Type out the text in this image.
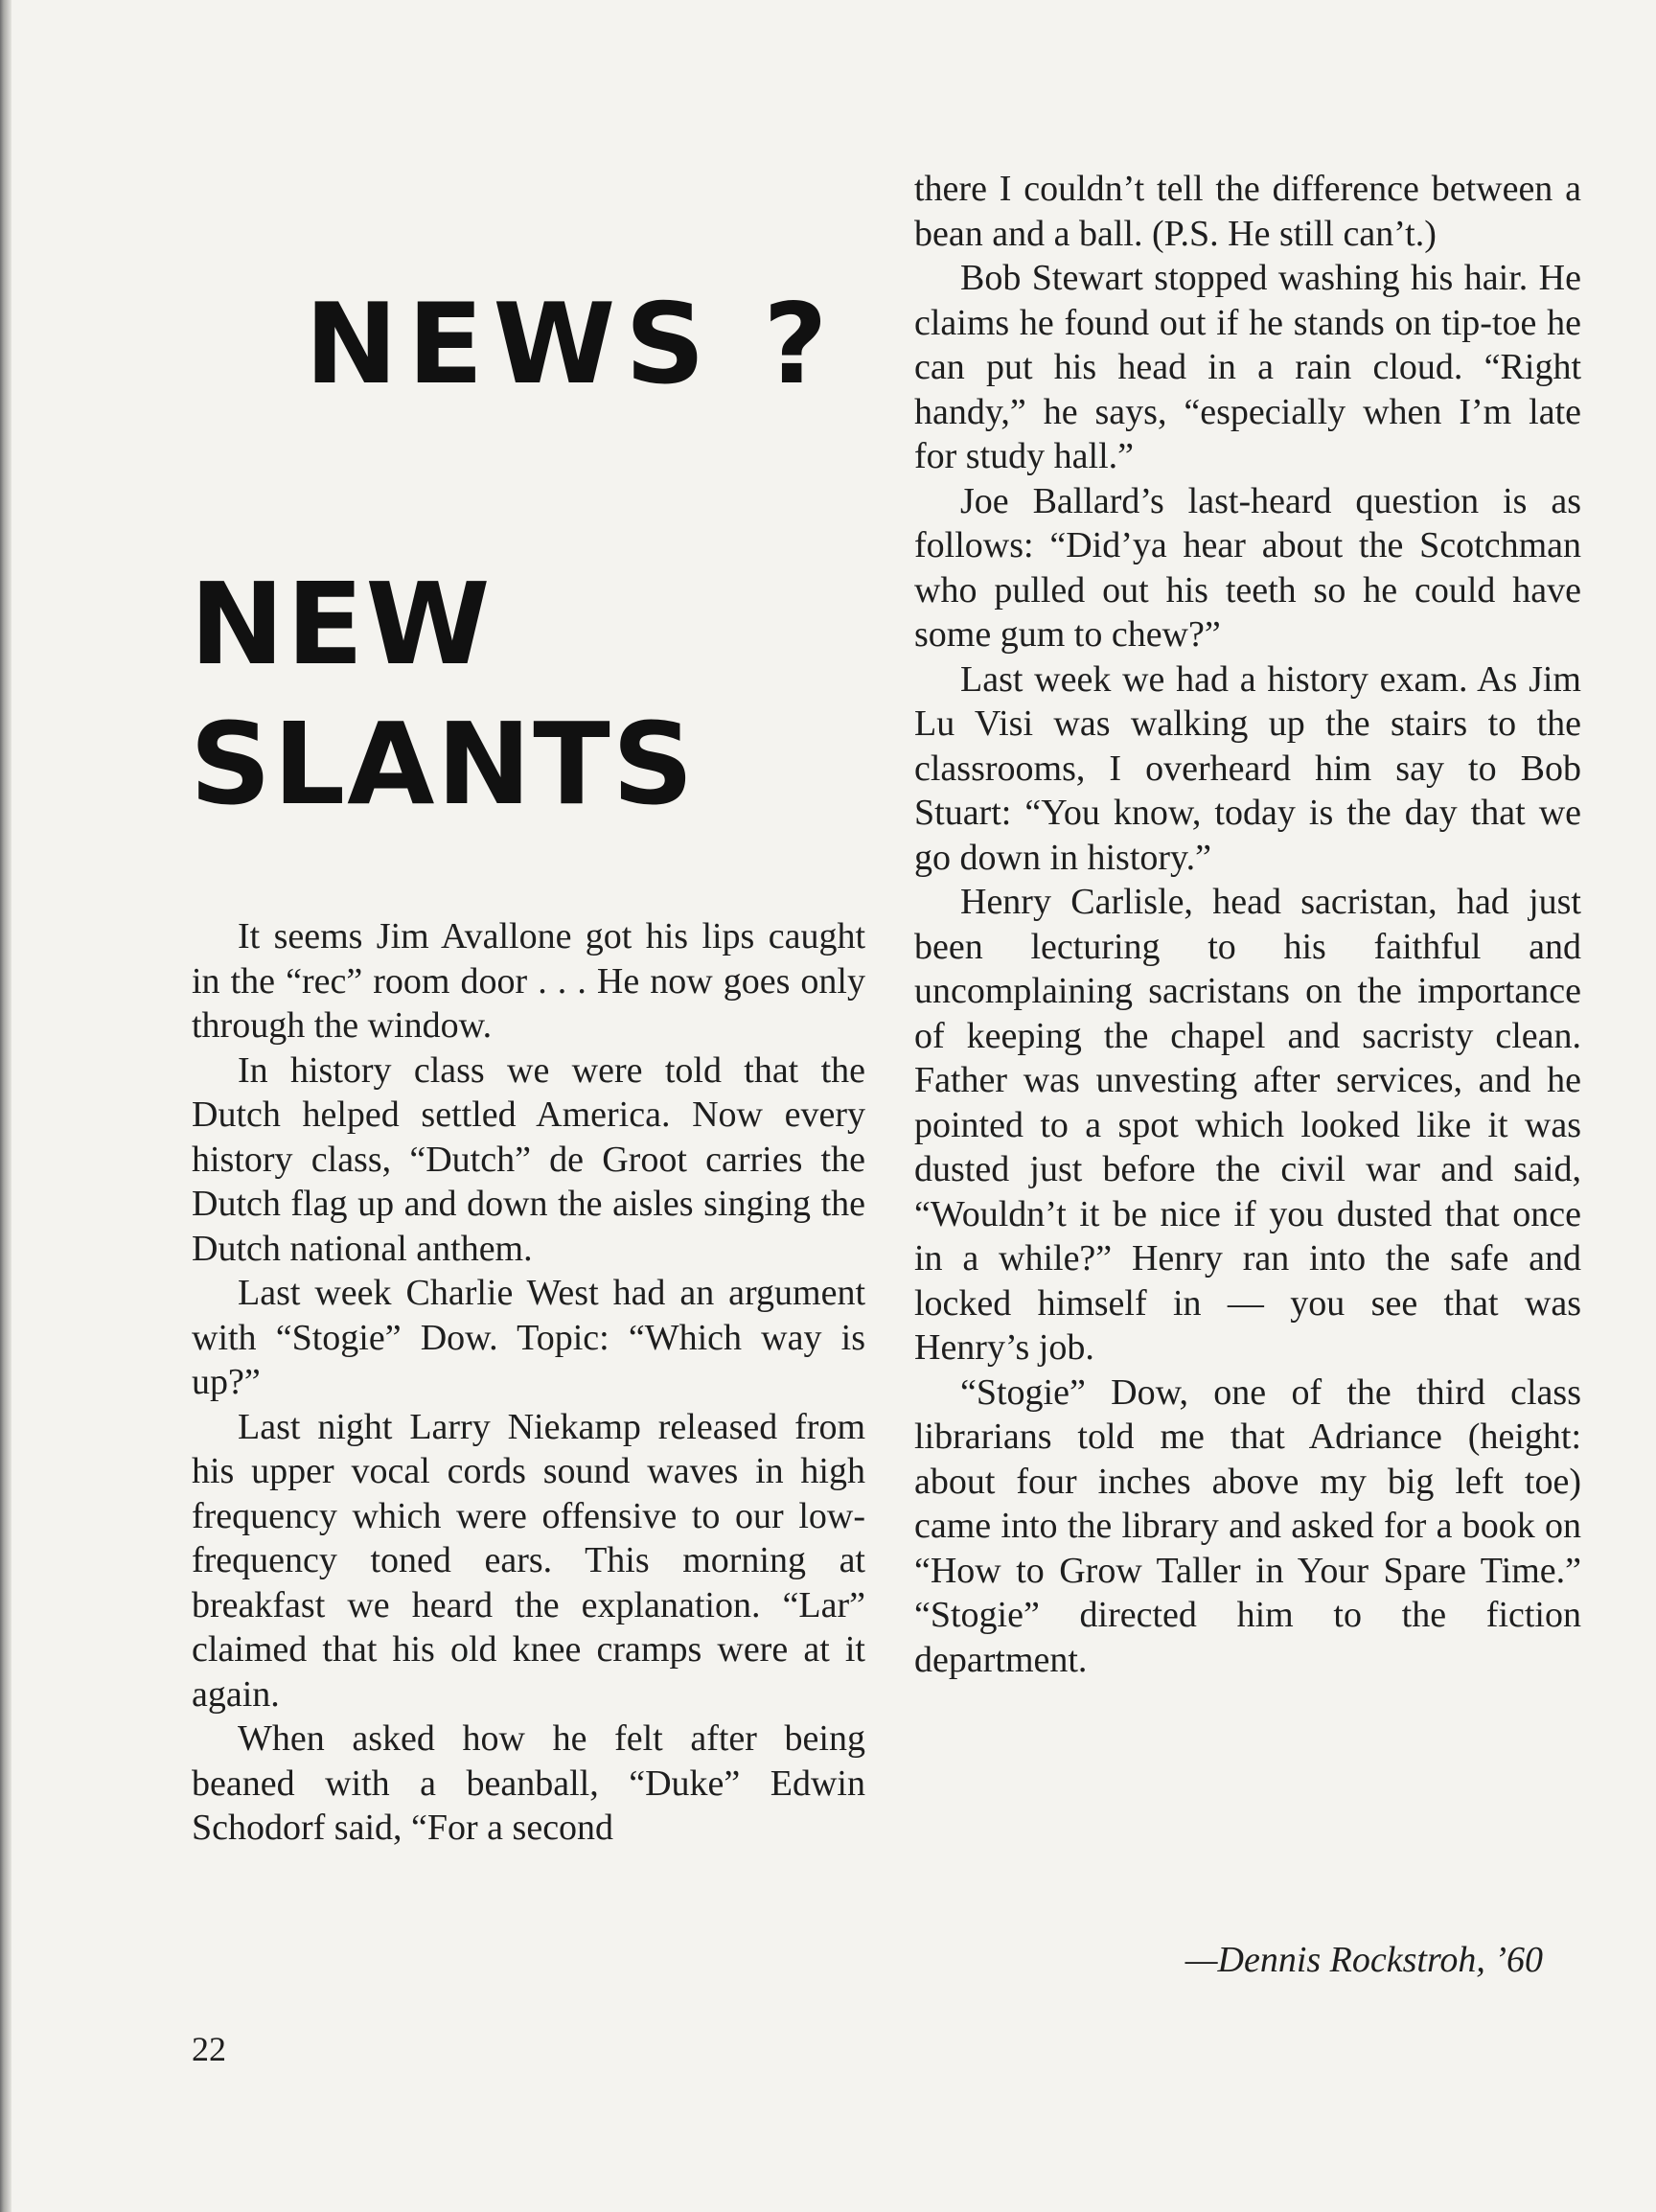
NEWS ?
NEW
SLANTS

It seems Jim Avallone got his lips caught in the “rec” room door . . . He now goes only through the window.

In history class we were told that the Dutch helped settled America. Now every history class, “Dutch” de Groot carries the Dutch flag up and down the aisles singing the Dutch national anthem.

Last week Charlie West had an argument with “Stogie” Dow. Topic: “Which way is up?”

Last night Larry Niekamp released from his upper vocal cords sound waves in high frequency which were offensive to our low-frequency toned ears. This morning at breakfast we heard the explanation. “Lar” claimed that his old knee cramps were at it again.

When asked how he felt after being beaned with a beanball, “Duke” Edwin Schodorf said, “For a second

there I couldn’t tell the difference between a bean and a ball. (P.S. He still can’t.)

Bob Stewart stopped washing his hair. He claims he found out if he stands on tip-toe he can put his head in a rain cloud. “Right handy,” he says, “especially when I’m late for study hall.”

Joe Ballard’s last-heard question is as follows: “Did’ya hear about the Scotchman who pulled out his teeth so he could have some gum to chew?”

Last week we had a history exam. As Jim Lu Visi was walking up the stairs to the classrooms, I overheard him say to Bob Stuart: “You know, today is the day that we go down in history.”

Henry Carlisle, head sacristan, had just been lecturing to his faithful and uncomplaining sacristans on the importance of keeping the chapel and sacristy clean. Father was unvesting after services, and he pointed to a spot which looked like it was dusted just before the civil war and said, “Wouldn’t it be nice if you dusted that once in a while?” Henry ran into the safe and locked himself in — you see that was Henry’s job.

“Stogie” Dow, one of the third class librarians told me that Adriance (height: about four inches above my big left toe) came into the library and asked for a book on “How to Grow Taller in Your Spare Time.” “Stogie” directed him to the fiction department.

—Dennis Rockstroh, ’60
22
